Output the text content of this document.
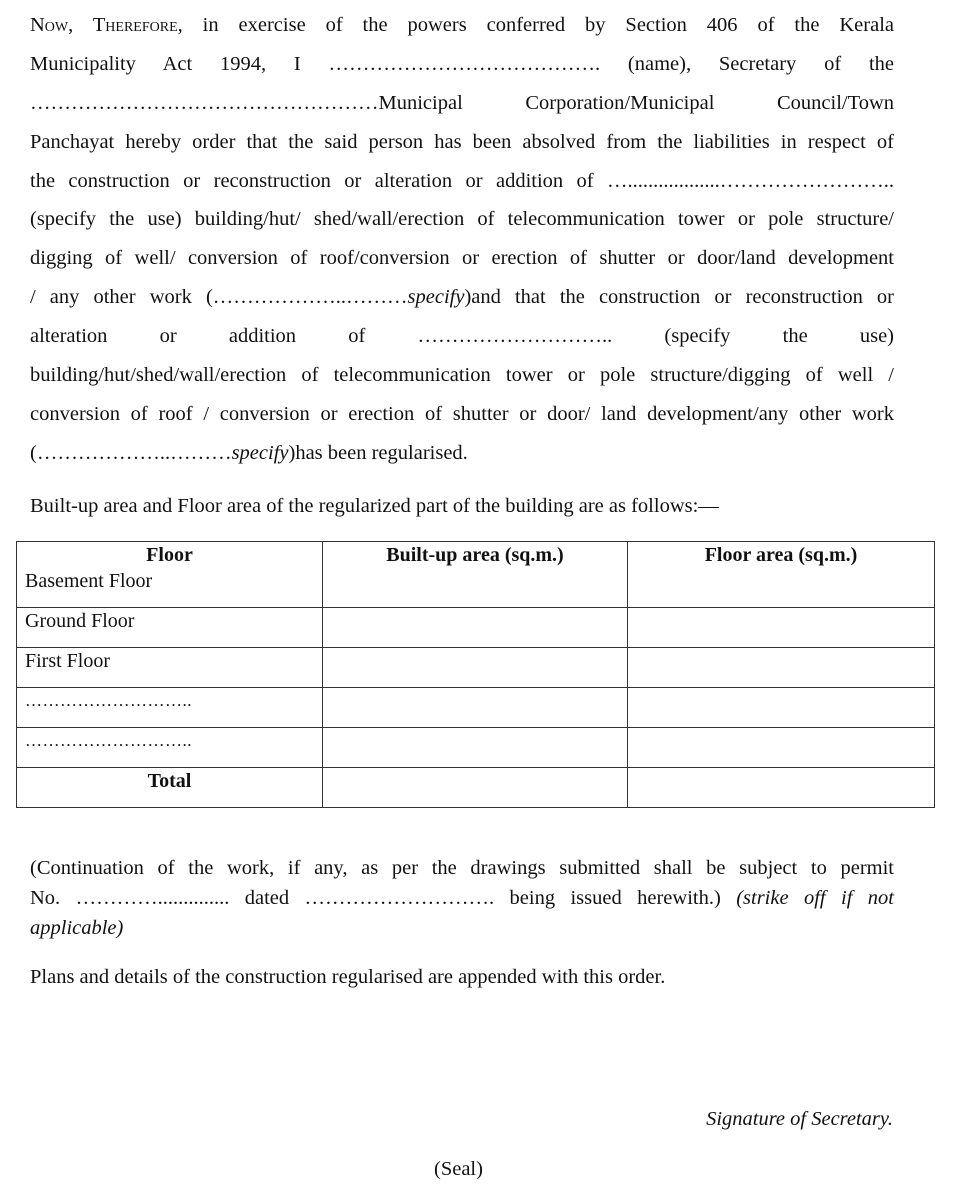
Now, Therefore, in exercise of the powers conferred by Section 406 of the Kerala
Municipality Act 1994, I …………………………………. (name), Secretary of the
……………………………………………Municipal Corporation/Municipal Council/Town
Panchayat hereby order that the said person has been absolved from the liabilities in respect of
the construction or reconstruction or alteration or addition of …..................……………………..
(specify the use) building/hut/ shed/wall/erection of telecommunication tower or pole structure/
digging of well/ conversion of roof/conversion or erection of shutter or door/land development
/ any other work (………………..………specify)and that the construction or reconstruction or
alteration or addition of ……………………….. (specify the use)
building/hut/shed/wall/erection of telecommunication tower or pole structure/digging of well /
conversion of roof / conversion or erection of shutter or door/ land development/any other work
(………………..………specify)has been regularised.
Built-up area and Floor area of the regularized part of the building are as follows:—
Floor	Built-up area (sq.m.)	Floor area (sq.m.)
Basement Floor		
Ground Floor		
First Floor		
………………………..		
………………………..		
Total		
(Continuation of the work, if any, as per the drawings submitted shall be subject to permit
No. ………….............. dated ………………………. being issued herewith.) (strike off if not
applicable)
Plans and details of the construction regularised are appended with this order.
Signature of Secretary.
(Seal)
